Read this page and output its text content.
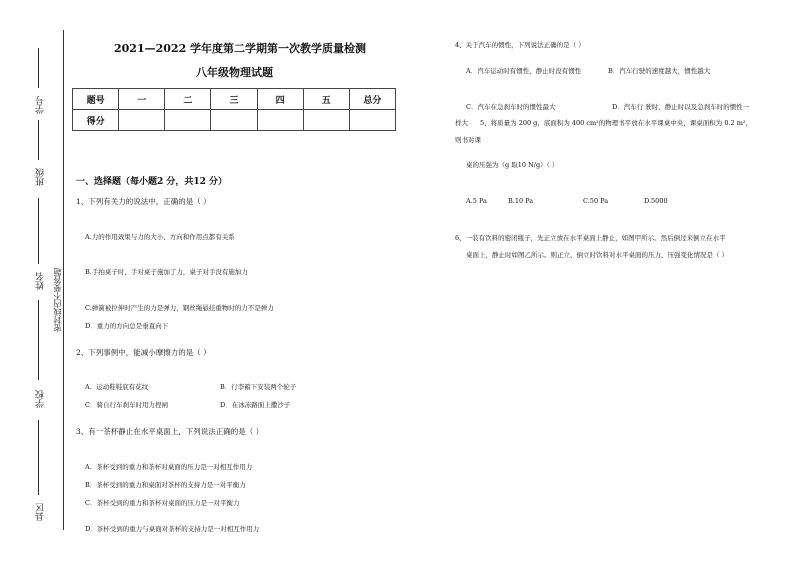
学号
班级
姓名 密封线内不要答题
学校
县区
2021—2022 学年度第二学期第一次教学质量检测
八年级物理试题
题号	一	二	三	四	五	总分
得分						
一、选择题（每小题2 分，共12 分）
1、下列有关力的说法中，正确的是（ ）
A.力的作用效果与力的大小、方向和作用点都有关系
B.手拍桌子时，手对桌子施加了力，桌子对手没有施加力
C.弹簧被拉伸时产生的力是弹力，钢丝绳悬挂重物时的力不是弹力
D．重力的方向总是垂直向下
2、下列事例中，能减小摩擦力的是（ ）
A．运动鞋鞋底有花纹	B．行李箱下安装两个轮子
C．骑自行车刹车时用力捏闸	D．在冰冻路面上撒沙子
3、有一茶杯静止在水平桌面上，下列说法正确的是（ ）
A．茶杯受到的重力和茶杯对桌面的压力是一对相互作用力
B．茶杯受到的重力和桌面对茶杯的支持力是一对平衡力
C．茶杯受到的重力和茶杯对桌面的压力是一对平衡力
D．茶杯受到的重力与桌面对茶杯的支持力是一对相互作用力
4、关于汽车的惯性，下列说法正确的是（ ）
A．汽车运动时有惯性，静止时没有惯性	B．汽车行驶的速度越大，惯性越大
C．汽车在急刹车时的惯性最大	D．汽车行 驶时、静止时以及急刹车时的惯性一
样大 5、将质量为 200 g，底面积为 400 cm²的物理书平放在水平课桌中央，课桌面积为 0.2 m²，
则书对课
桌的压强为（g 取10 N/g）（ ）
A.5 Pa	B.10 Pa	C.50 Pa	D.5000
6、一装有饮料的密闭瓶子，先正立放在水平桌面上静止，如图甲所示。然后倒过来倒立在水平
桌面上，静止时如图乙所示。则正立、倒立时饮料对水平桌面的压力、压强变化情况是（ ）
